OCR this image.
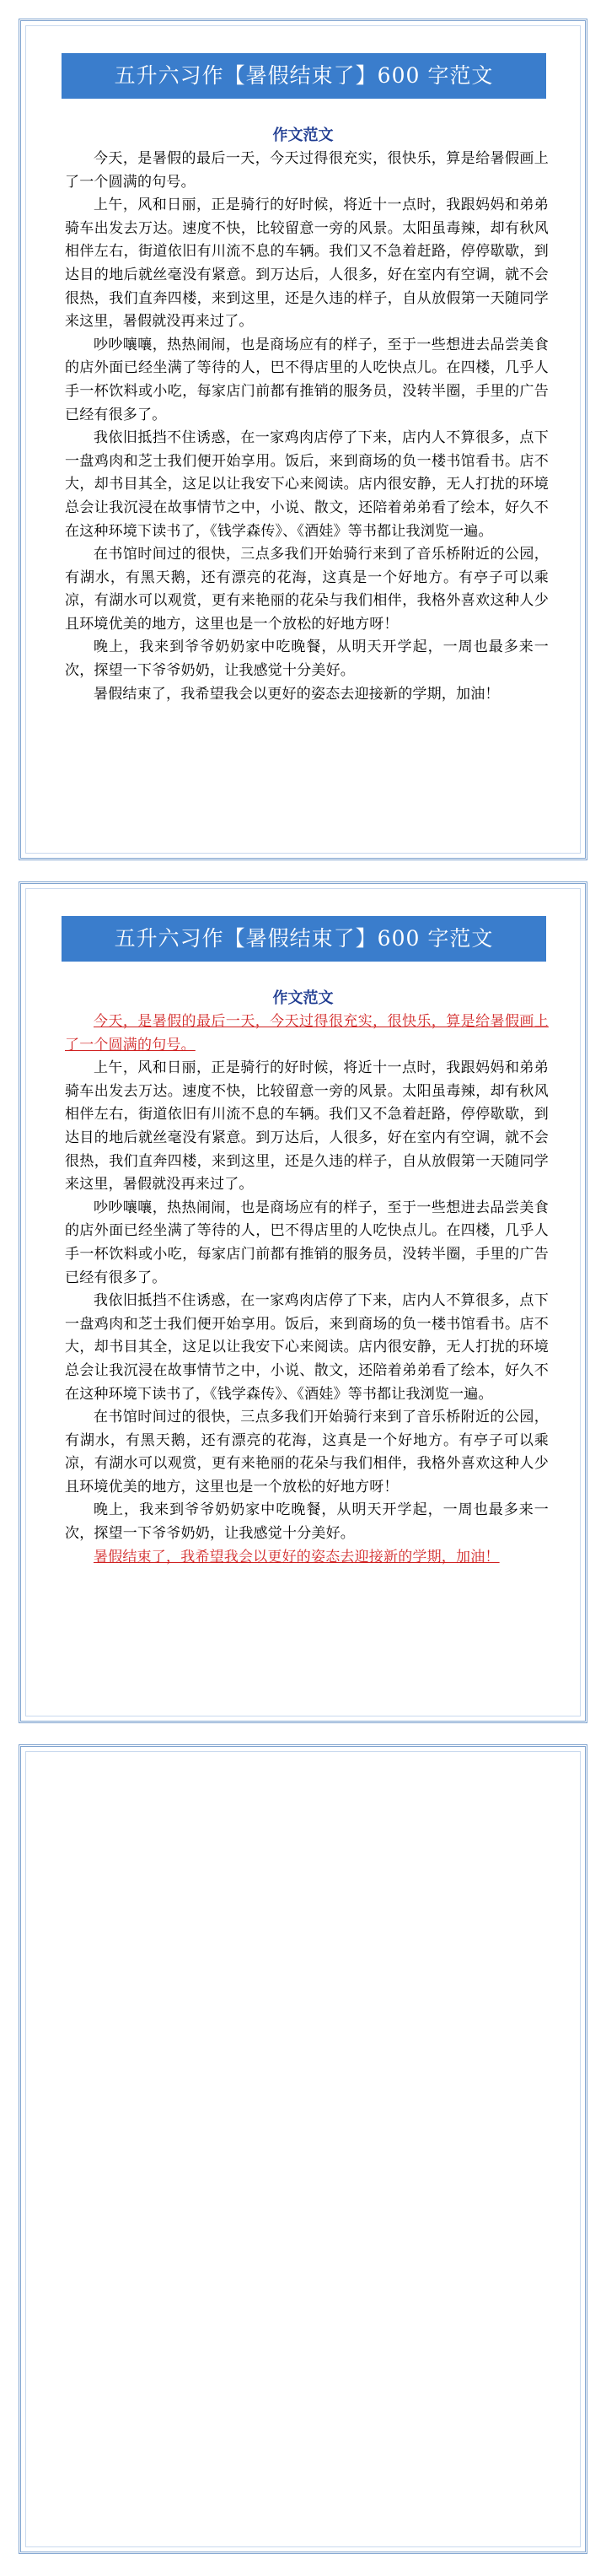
五升六习作【暑假结束了】600 字范文
作文范文

今天，是暑假的最后一天，今天过得很充实，很快乐，算是给暑假画上了一个圆满的句号。

上午，风和日丽，正是骑行的好时候，将近十一点时，我跟妈妈和弟弟骑车出发去万达。速度不快，比较留意一旁的风景。太阳虽毒辣，却有秋风相伴左右，街道依旧有川流不息的车辆。我们又不急着赶路，停停歇歇，到达目的地后就丝毫没有紧意。到万达后，人很多，好在室内有空调，就不会很热，我们直奔四楼，来到这里，还是久违的样子，自从放假第一天随同学来这里，暑假就没再来过了。

吵吵嚷嚷，热热闹闹，也是商场应有的样子，至于一些想进去品尝美食的店外面已经坐满了等待的人，巴不得店里的人吃快点儿。在四楼，几乎人手一杯饮料或小吃，每家店门前都有推销的服务员，没转半圈，手里的广告已经有很多了。

我依旧抵挡不住诱惑，在一家鸡肉店停了下来，店内人不算很多，点下一盘鸡肉和芝士我们便开始享用。饭后，来到商场的负一楼书馆看书。店不大，却书目其全，这足以让我安下心来阅读。店内很安静，无人打扰的环境总会让我沉浸在故事情节之中，小说、散文，还陪着弟弟看了绘本，好久不在这种环境下读书了，《钱学森传》、《酒娃》等书都让我浏览一遍。

在书馆时间过的很快，三点多我们开始骑行来到了音乐桥附近的公园，有湖水，有黑天鹅，还有漂亮的花海，这真是一个好地方。有亭子可以乘凉，有湖水可以观赏，更有来艳丽的花朵与我们相伴，我格外喜欢这种人少且环境优美的地方，这里也是一个放松的好地方呀！

晚上，我来到爷爷奶奶家中吃晚餐，从明天开学起，一周也最多来一次，探望一下爷爷奶奶，让我感觉十分美好。

暑假结束了，我希望我会以更好的姿态去迎接新的学期，加油！

五升六习作【暑假结束了】600 字范文
作文范文

今天，是暑假的最后一天，今天过得很充实，很快乐，算是给暑假画上了一个圆满的句号。

上午，风和日丽，正是骑行的好时候，将近十一点时，我跟妈妈和弟弟骑车出发去万达。速度不快，比较留意一旁的风景。太阳虽毒辣，却有秋风相伴左右，街道依旧有川流不息的车辆。我们又不急着赶路，停停歇歇，到达目的地后就丝毫没有紧意。到万达后，人很多，好在室内有空调，就不会很热，我们直奔四楼，来到这里，还是久违的样子，自从放假第一天随同学来这里，暑假就没再来过了。

吵吵嚷嚷，热热闹闹，也是商场应有的样子，至于一些想进去品尝美食的店外面已经坐满了等待的人，巴不得店里的人吃快点儿。在四楼，几乎人手一杯饮料或小吃，每家店门前都有推销的服务员，没转半圈，手里的广告已经有很多了。

我依旧抵挡不住诱惑，在一家鸡肉店停了下来，店内人不算很多，点下一盘鸡肉和芝士我们便开始享用。饭后，来到商场的负一楼书馆看书。店不大，却书目其全，这足以让我安下心来阅读。店内很安静，无人打扰的环境总会让我沉浸在故事情节之中，小说、散文，还陪着弟弟看了绘本，好久不在这种环境下读书了，《钱学森传》、《酒娃》等书都让我浏览一遍。

在书馆时间过的很快，三点多我们开始骑行来到了音乐桥附近的公园，有湖水，有黑天鹅，还有漂亮的花海，这真是一个好地方。有亭子可以乘凉，有湖水可以观赏，更有来艳丽的花朵与我们相伴，我格外喜欢这种人少且环境优美的地方，这里也是一个放松的好地方呀！

晚上，我来到爷爷奶奶家中吃晚餐，从明天开学起，一周也最多来一次，探望一下爷爷奶奶，让我感觉十分美好。

暑假结束了，我希望我会以更好的姿态去迎接新的学期，加油！
